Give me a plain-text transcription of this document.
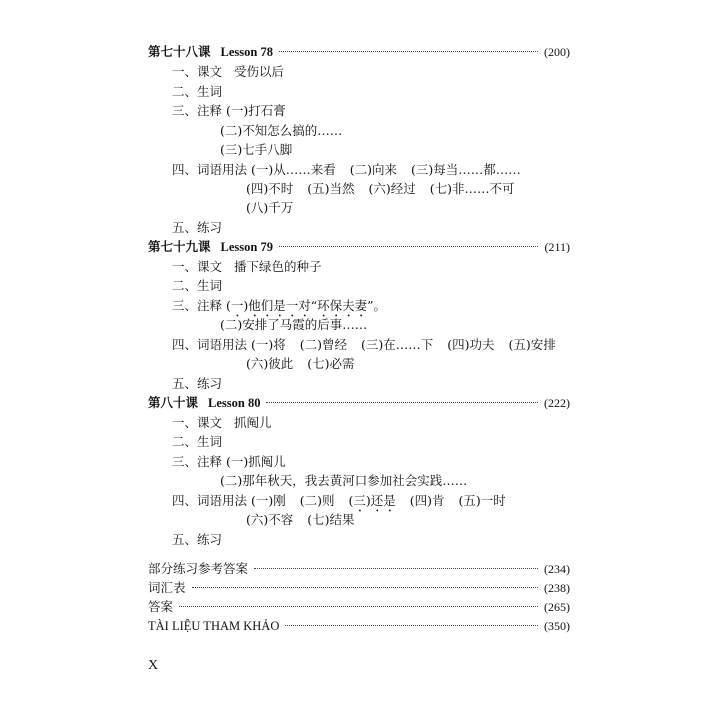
第七十八课 Lesson 78	(200)
一、课文 受伤以后
二、生词
三、注释 (一)打石膏
(二)不知怎么搞的……
(三)七手八脚
四、词语用法 (一)从……来看 (二)向来 (三)每当……都……
(四)不时 (五)当然 (六)经过 (七)非……不可
(八)千万
五、练习
第七十九课 Lesson 79	(211)
一、课文 播下绿色的种子
二、生词
三、注释 (一)他们是一对“环保夫妻”。
(二)安排了马霞的后事……
四、词语用法 (一)将 (二)曾经 (三)在……下 (四)功夫 (五)安排
(六)彼此 (七)必需
五、练习
第八十课 Lesson 80	(222)
一、课文 抓阄儿
二、生词
三、注释 (一)抓阄儿
(二)那年秋天，我去黄河口参加社会实践……
四、词语用法 (一)刚 (二)则 (三)还是 (四)肯 (五)一时
(六)不容 (七)结果
五、练习
部分练习参考答案	(234)
词汇表	(238)
答案	(265)
TÀI LIỆU THAM KHẢO	(350)
X
